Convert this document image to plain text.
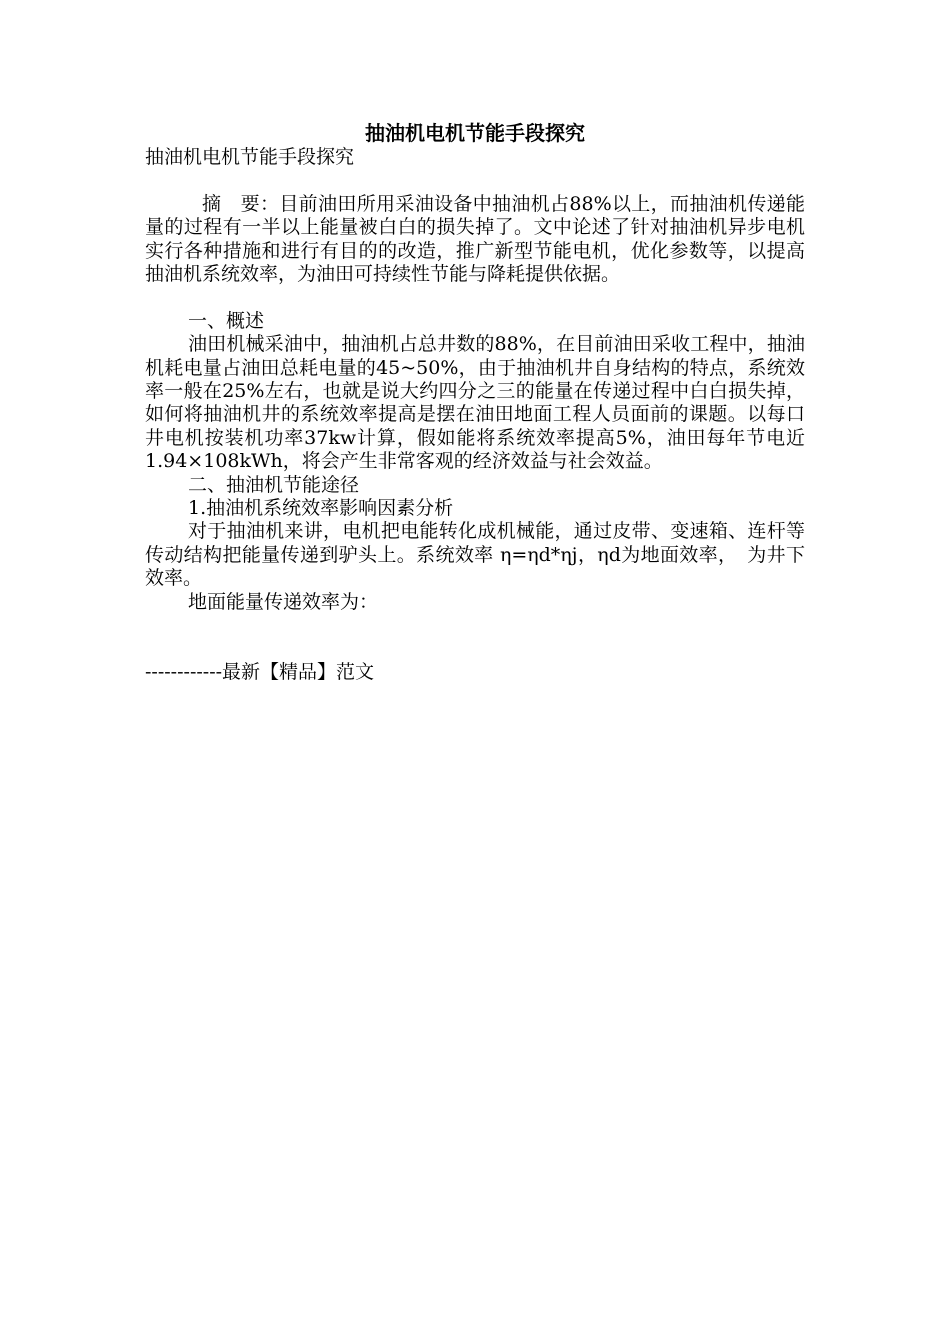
抽油机电机节能手段探究

抽油机电机节能手段探究

摘　要：目前油田所用采油设备中抽油机占88%以上，而抽油机传递能量的过程有一半以上能量被白白的损失掉了。文中论述了针对抽油机异步电机实行各种措施和进行有目的的改造，推广新型节能电机，优化参数等，以提高抽油机系统效率，为油田可持续性节能与降耗提供依据。

一、概述

油田机械采油中，抽油机占总井数的88%，在目前油田采收工程中，抽油机耗电量占油田总耗电量的45~50%，由于抽油机井自身结构的特点，系统效率一般在25%左右，也就是说大约四分之三的能量在传递过程中白白损失掉，如何将抽油机井的系统效率提高是摆在油田地面工程人员面前的课题。以每口井电机按装机功率37kw计算，假如能将系统效率提高5%，油田每年节电近1.94×108kWh，将会产生非常客观的经济效益与社会效益。

二、抽油机节能途径

1.抽油机系统效率影响因素分析

对于抽油机来讲，电机把电能转化成机械能，通过皮带、变速箱、连杆等传动结构把能量传递到驴头上。系统效率 η=ηd*ηj，ηd为地面效率，　为井下效率。

地面能量传递效率为：

------------最新【精品】范文
